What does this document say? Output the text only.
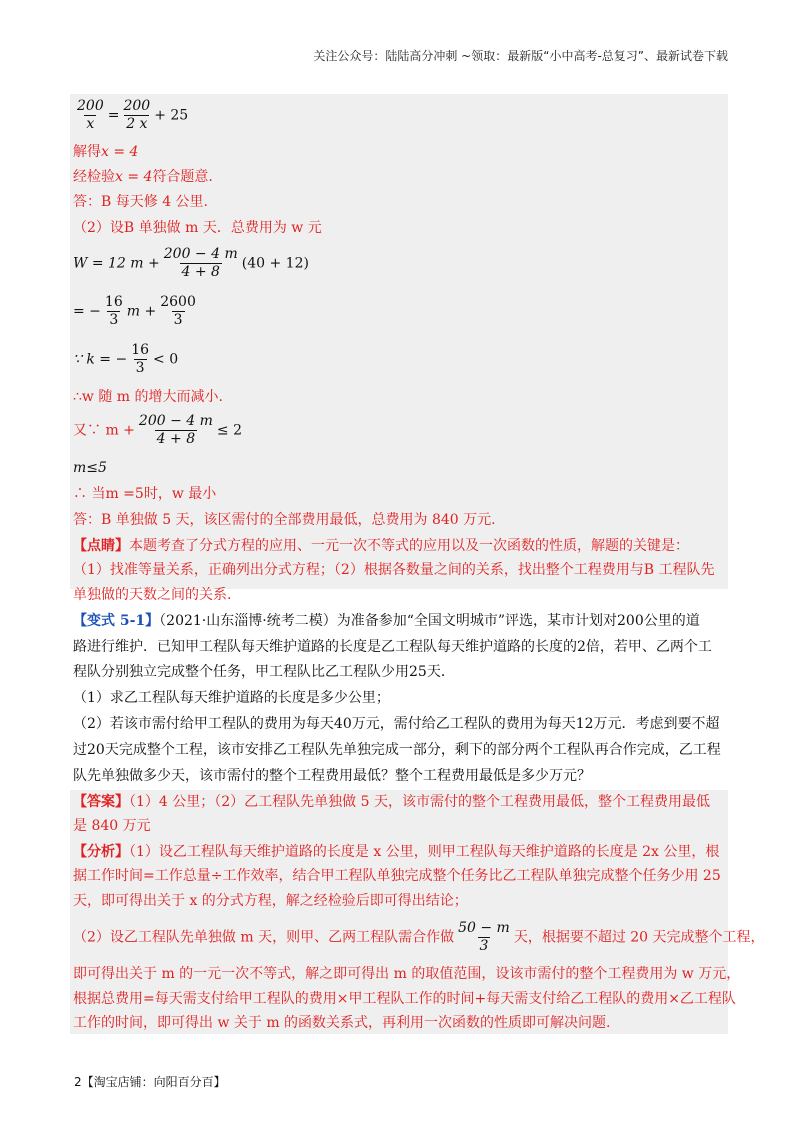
关注公众号：陆陆高分冲刺 ~领取：最新版“小中高考-总复习”、最新试卷下载
$\frac{200}{x} = \frac{200}{2 x} + 25$
解得x = 4
经检验x = 4符合题意.
答：B 每天修 4 公里.
（2）设B 单独做 m 天．总费用为 w 元
W = 12 $m + \frac{200 - 4 m}{4 + 8} (40 + 12)$
= − $\frac{16}{3}$ $m + \frac{2600}{3}$
∵ k = − $\frac{16}{3} < 0$
∴w 随 m 的增大而减小.
又∵ $m + \frac{200 - 4 m}{4 + 8} \le 2$
m≤5
∴ 当m =5时，w 最小
答：B 单独做 5 天，该区需付的全部费用最低，总费用为 840 万元.
【点睛】本题考查了分式方程的应用、一元一次不等式的应用以及一次函数的性质，解题的关键是：
（1）找准等量关系，正确列出分式方程；（2）根据各数量之间的关系，找出整个工程费用与B 工程队先
单独做的天数之间的关系.
【变式 5-1】（2021·山东淄博·统考二模）为准备参加“全国文明城市”评选，某市计划对200公里的道
路进行维护．已知甲工程队每天维护道路的长度是乙工程队每天维护道路的长度的2倍，若甲、乙两个工
程队分别独立完成整个任务，甲工程队比乙工程队少用25天．
（1）求乙工程队每天维护道路的长度是多少公里；
（2）若该市需付给甲工程队的费用为每天40万元，需付给乙工程队的费用为每天12万元．考虑到要不超
过20天完成整个工程，该市安排乙工程队先单独完成一部分，剩下的部分两个工程队再合作完成，乙工程
队先单独做多少天，该市需付的整个工程费用最低？整个工程费用最低是多少万元？
【答案】（1）4 公里；（2）乙工程队先单独做 5 天，该市需付的整个工程费用最低，整个工程费用最低
是 840 万元
【分析】（1）设乙工程队每天维护道路的长度是 x 公里，则甲工程队每天维护道路的长度是 2x 公里，根
据工作时间=工作总量÷工作效率，结合甲工程队单独完成整个任务比乙工程队单独完成整个任务少用 25
天，即可得出关于 x 的分式方程，解之经检验后即可得出结论；
（2）设乙工程队先单独做 m 天，则甲、乙两工程队需合作做 $\frac{50 - m}{3}$ 天，根据要不超过 20 天完成整个工程，
即可得出关于 m 的一元一次不等式，解之即可得出 m 的取值范围，设该市需付的整个工程费用为 w 万元，
根据总费用=每天需支付给甲工程队的费用×甲工程队工作的时间+每天需支付给乙工程队的费用×乙工程队
工作的时间，即可得出 w 关于 m 的函数关系式，再利用一次函数的性质即可解决问题.
2【淘宝店铺：向阳百分百】
